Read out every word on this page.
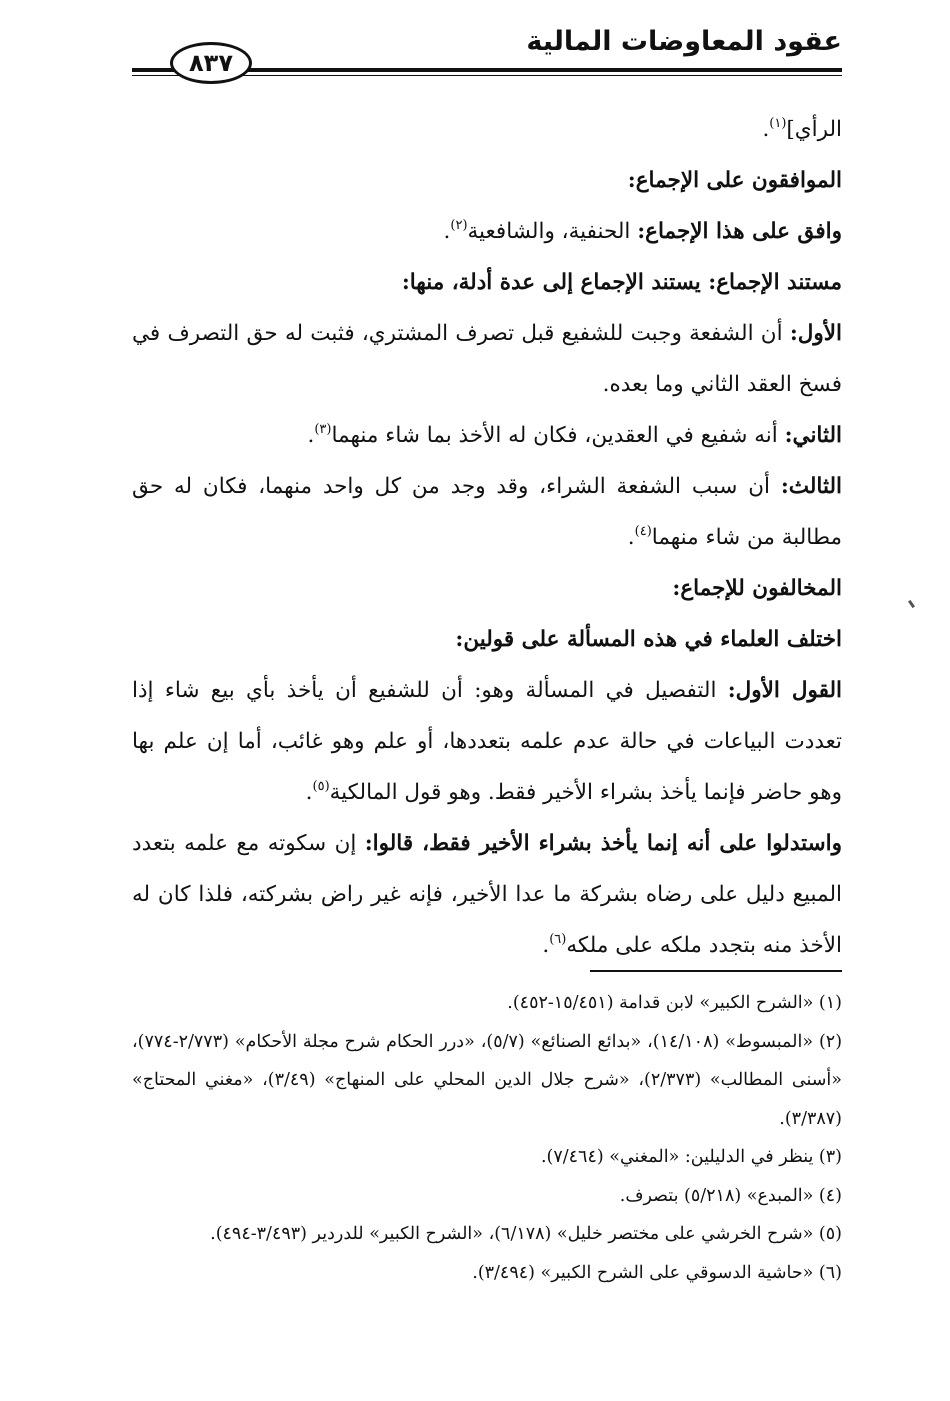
عقود المعاوضات المالية
٨٣٧

الرأي]$^{(١)}$.

الموافقون على الإجماع:

وافق على هذا الإجماع: الحنفية، والشافعية$^{(٢)}$.

مستند الإجماع: يستند الإجماع إلى عدة أدلة، منها:

الأول: أن الشفعة وجبت للشفيع قبل تصرف المشتري، فثبت له حق التصرف في فسخ العقد الثاني وما بعده.

الثاني: أنه شفيع في العقدين، فكان له الأخذ بما شاء منهما$^{(٣)}$.

الثالث: أن سبب الشفعة الشراء، وقد وجد من كل واحد منهما، فكان له حق مطالبة من شاء منهما$^{(٤)}$.

المخالفون للإجماع:

اختلف العلماء في هذه المسألة على قولين:

القول الأول: التفصيل في المسألة وهو: أن للشفيع أن يأخذ بأي بيع شاء إذا تعددت البياعات في حالة عدم علمه بتعددها، أو علم وهو غائب، أما إن علم بها وهو حاضر فإنما يأخذ بشراء الأخير فقط. وهو قول المالكية$^{(٥)}$.

واستدلوا على أنه إنما يأخذ بشراء الأخير فقط، قالوا: إن سكوته مع علمه بتعدد المبيع دليل على رضاه بشركة ما عدا الأخير، فإنه غير راض بشركته، فلذا كان له الأخذ منه بتجدد ملكه على ملكه$^{(٦)}$.

(١) «الشرح الكبير» لابن قدامة (١٥/٤٥١-٤٥٢).

(٢) «المبسوط» (١٤/١٠٨)، «بدائع الصنائع» (٥/٧)، «درر الحكام شرح مجلة الأحكام» (٢/٧٧٣-٧٧٤)، «أسنى المطالب» (٢/٣٧٣)، «شرح جلال الدين المحلي على المنهاج» (٣/٤٩)، «مغني المحتاج» (٣/٣٨٧).

(٣) ينظر في الدليلين: «المغني» (٧/٤٦٤).

(٤) «المبدع» (٥/٢١٨) بتصرف.

(٥) «شرح الخرشي على مختصر خليل» (٦/١٧٨)، «الشرح الكبير» للدردير (٣/٤٩٣-٤٩٤).

(٦) «حاشية الدسوقي على الشرح الكبير» (٣/٤٩٤).
